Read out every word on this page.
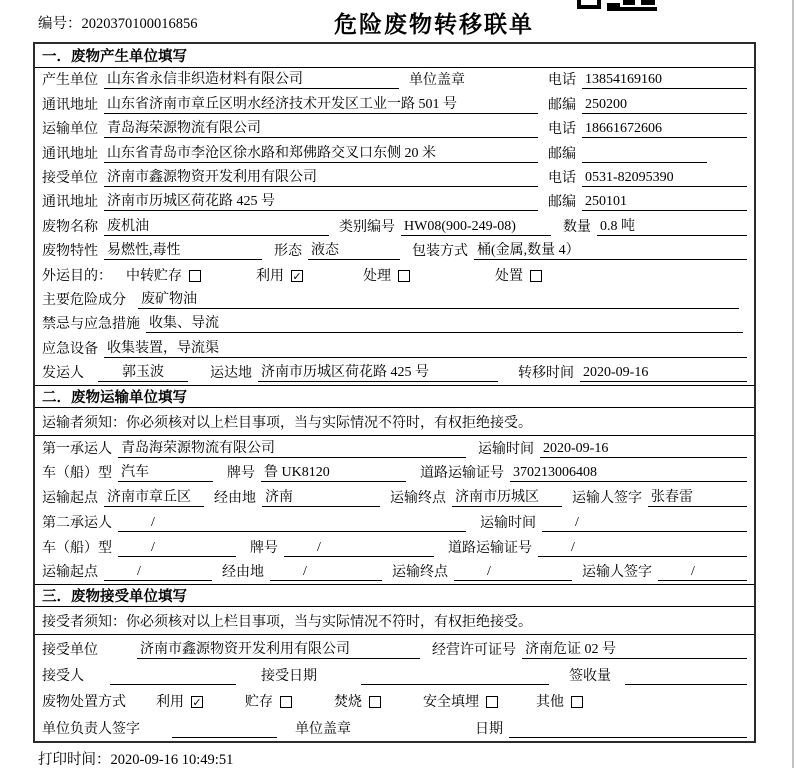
编号：2020370100016856	危险废物转移联单
一．废物产生单位填写
产生单位 山东省永信非织造材料有限公司	单位盖章	电话 13854169160
通讯地址 山东省济南市章丘区明水经济技术开发区工业一路 501 号	邮编 250200
运输单位 青岛海荣源物流有限公司	电话 18661672606
通讯地址 山东省青岛市李沧区徐水路和郑佛路交叉口东侧 20 米	邮编
接受单位 济南市鑫源物资开发利用有限公司	电话 0531-82095390
通讯地址 济南市历城区荷花路 425 号	邮编 250101
废物名称 废机油	类别编号 HW08(900-249-08)	数量 0.8 吨
废物特性 易燃性,毒性	形态 液态	包装方式 桶(金属,数量 4）
外运目的： 中转贮存	利用 ✓	处理	处置
主要危险成分 废矿物油
禁忌与应急措施 收集、导流
应急设备 收集装置，导流渠
发运人	郭玉波	运达地 济南市历城区荷花路 425 号	转移时间 2020-09-16
二．废物运输单位填写
运输者须知：你必须核对以上栏目事项，当与实际情况不符时，有权拒绝接受。
第一承运人 青岛海荣源物流有限公司	运输时间 2020-09-16
车（船）型 汽车	牌号 鲁 UK8120	道路运输证号 370213006408
运输起点 济南市章丘区	经由地 济南	运输终点 济南市历城区	运输人签字 张春雷
第二承运人	/	运输时间	/
车（船）型	/	牌号	/	道路运输证号	/
运输起点	/	经由地	/	运输终点	/	运输人签字	/
三．废物接受单位填写
接受者须知：你必须核对以上栏目事项，当与实际情况不符时，有权拒绝接受。
接受单位	济南市鑫源物资开发利用有限公司	经营许可证号 济南危证 02 号
接受人	接受日期	签收量
废物处置方式 利用 ✓	贮存	焚烧	安全填埋	其他
单位负责人签字	单位盖章	日期
打印时间：2020-09-16 10:49:51
